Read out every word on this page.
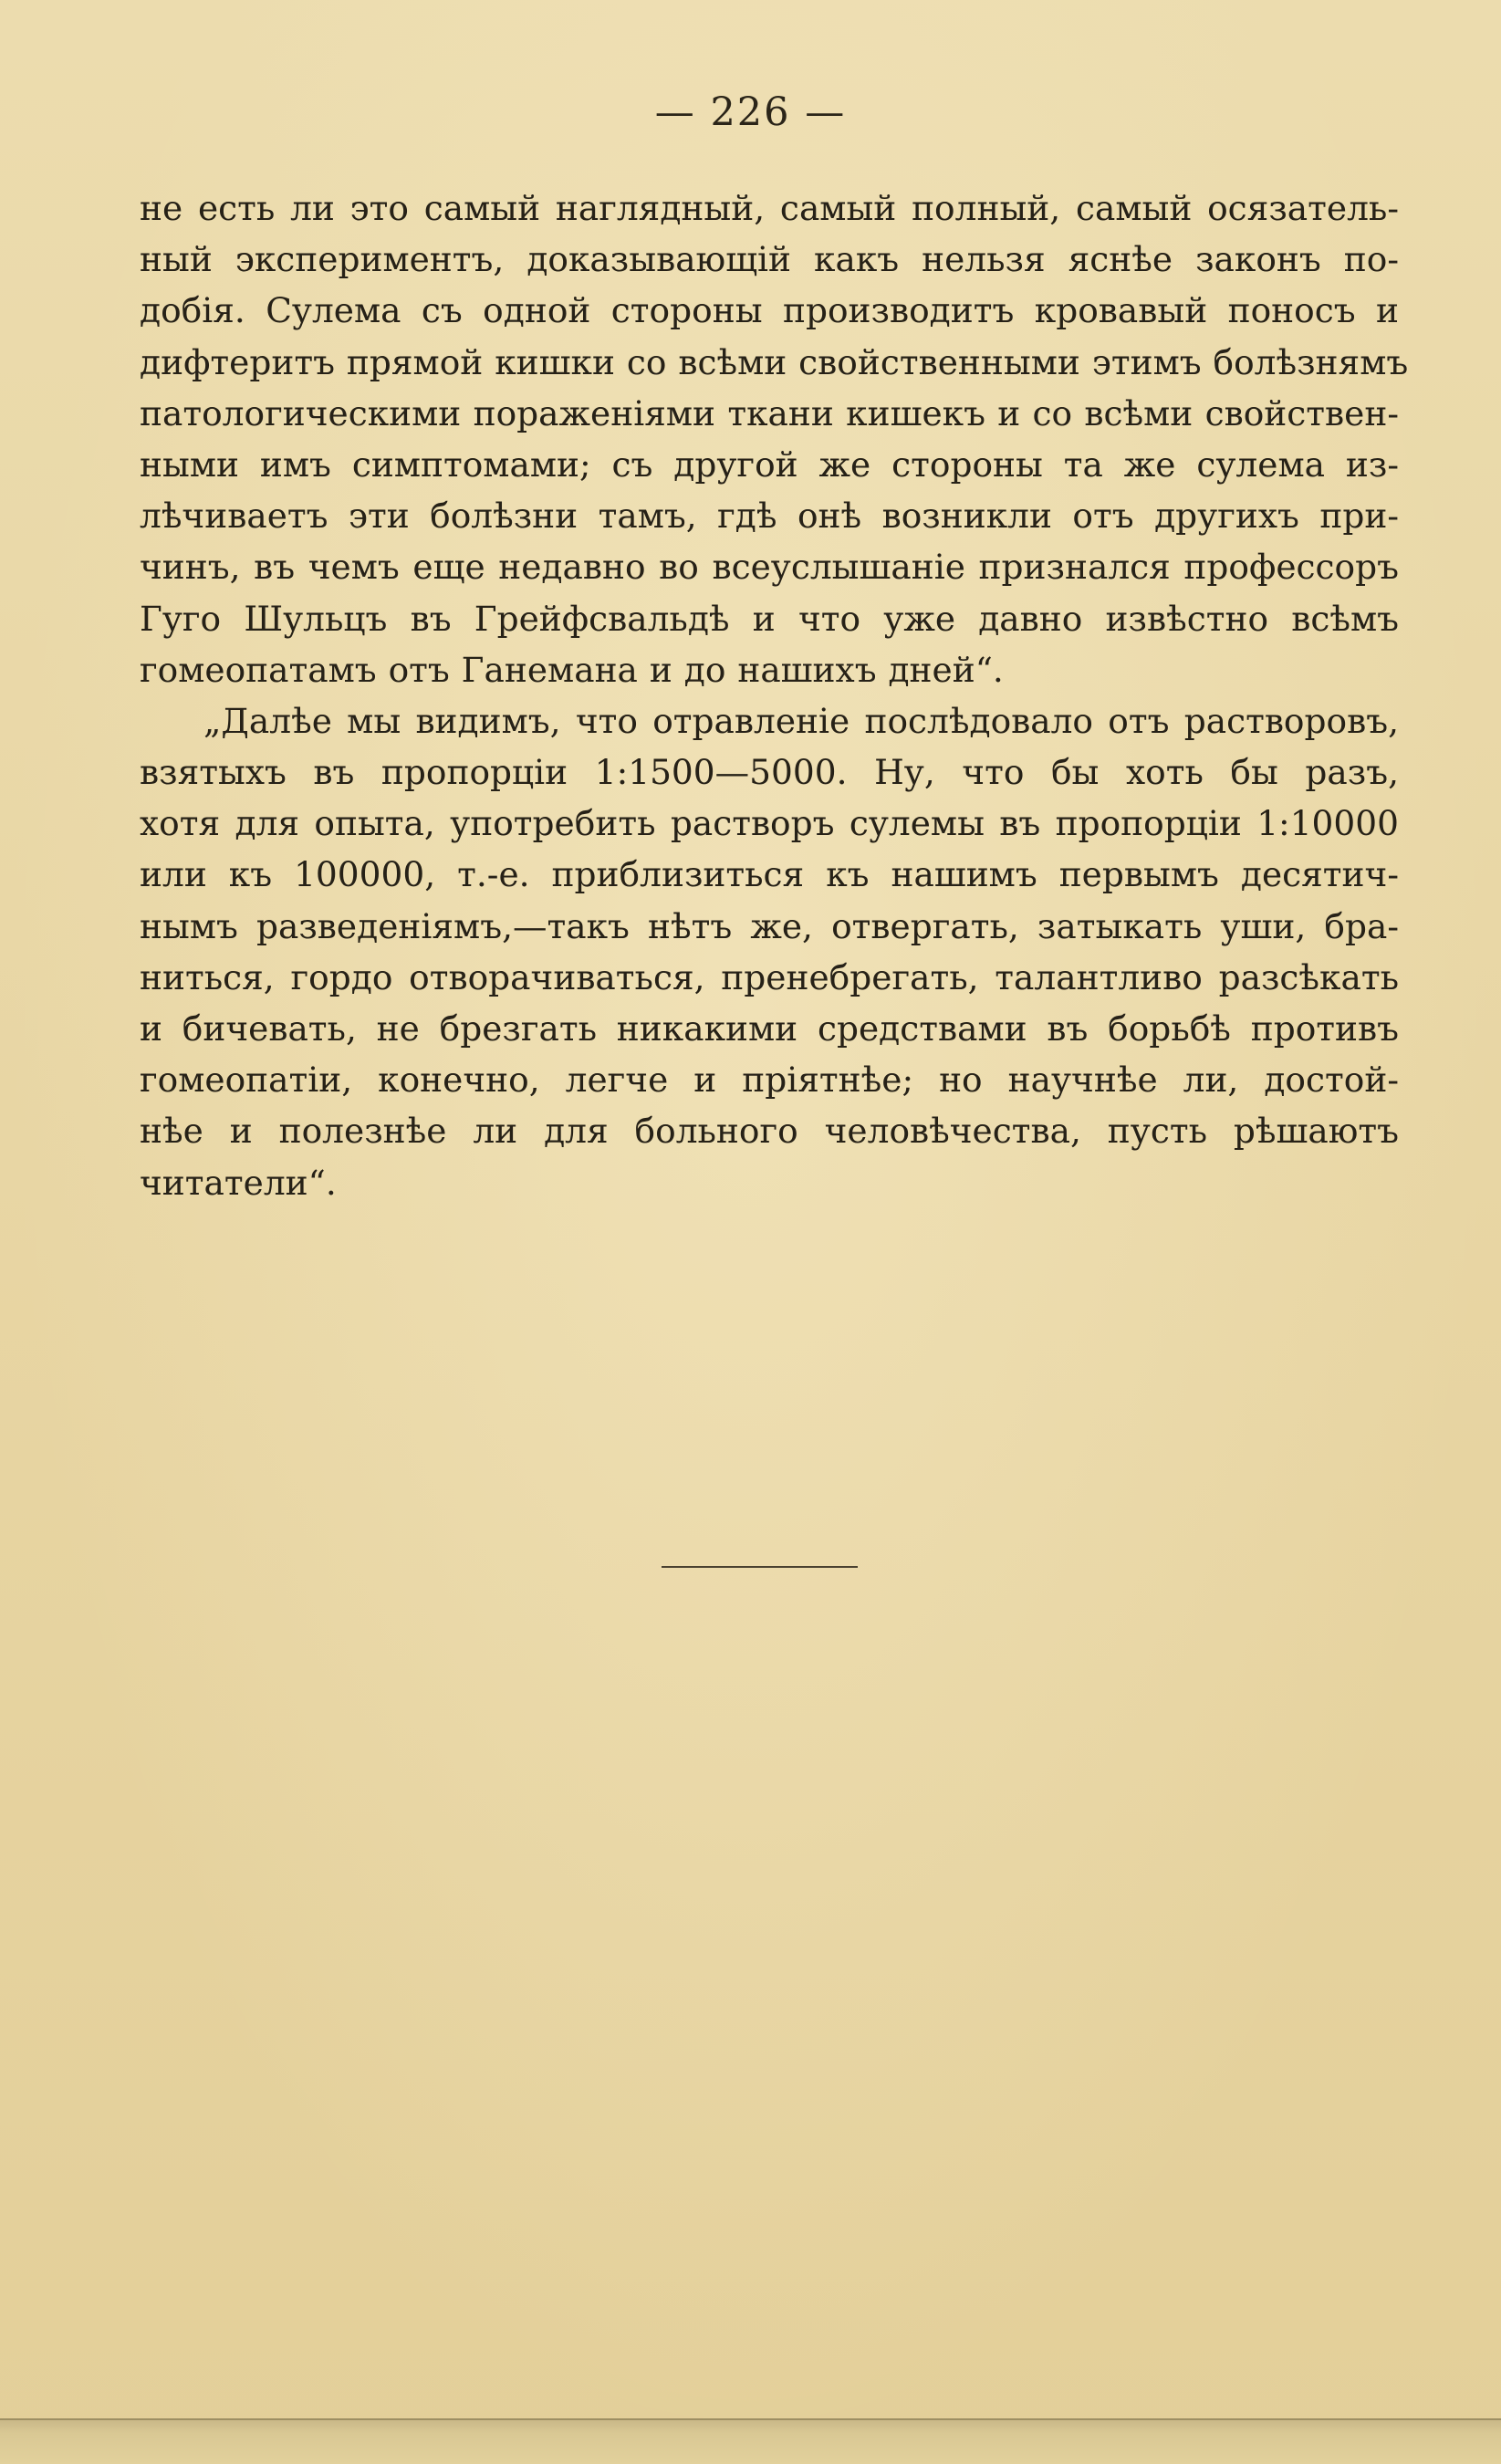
— 226 —
не есть ли это самый наглядный, самый полный, самый осязатель-
ный экспериментъ, доказывающій какъ нельзя яснѣе законъ по-
добія. Сулема съ одной стороны производитъ кровавый поносъ и
дифтеритъ прямой кишки со всѣми свойственными этимъ болѣзнямъ
патологическими пораженіями ткани кишекъ и со всѣми свойствен-
ными имъ симптомами; съ другой же стороны та же сулема из-
лѣчиваетъ эти болѣзни тамъ, гдѣ онѣ возникли отъ другихъ при-
чинъ, въ чемъ еще недавно во всеуслышаніе признался профессоръ
Гуго Шульцъ въ Грейфсвальдѣ и что уже давно извѣстно всѣмъ
гомеопатамъ отъ Ганемана и до нашихъ дней“.
„Далѣе мы видимъ, что отравленіе послѣдовало отъ растворовъ,
взятыхъ въ пропорціи 1:1500—5000. Ну, что бы хоть бы разъ,
хотя для опыта, употребить растворъ сулемы въ пропорціи 1:10000
или къ 100000, т.-е. приблизиться къ нашимъ первымъ десятич-
нымъ разведеніямъ,—такъ нѣтъ же, отвергать, затыкать уши, бра-
ниться, гордо отворачиваться, пренебрегать, талантливо разсѣкать
и бичевать, не брезгать никакими средствами въ борьбѣ противъ
гомеопатіи, конечно, легче и пріятнѣе; но научнѣе ли, достой-
нѣе и полезнѣе ли для больного человѣчества, пусть рѣшаютъ
читатели“.
